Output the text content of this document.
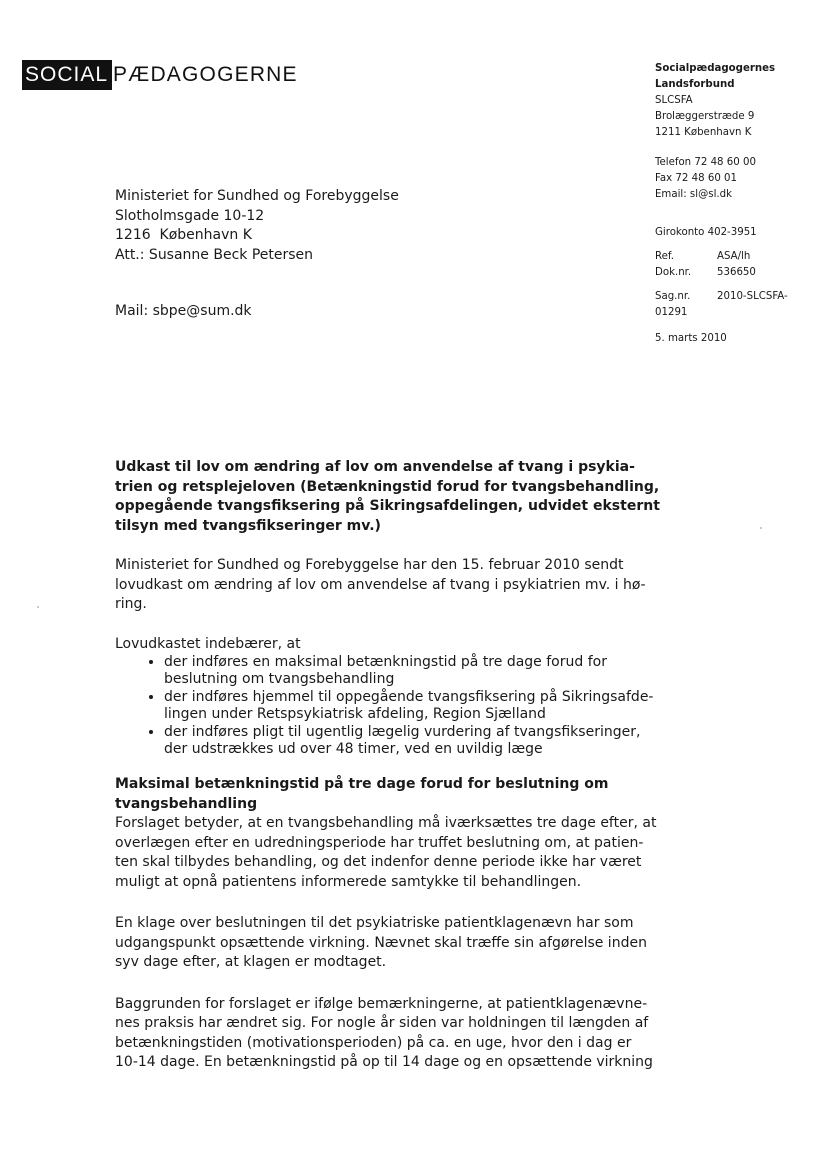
SOCIAL PÆDAGOGERNE	Socialpædagogernes
Landsforbund
SLCSFA
Brolæggerstræde 9
1211 København K
Telefon 72 48 60 00
Fax 72 48 60 01
Email: sl@sl.dk
Girokonto 402-3951
Ref.	ASA/lh
Dok.nr.	536650
Sag.nr.	2010-SLCSFA-
01291
5. marts 2010
Ministeriet for Sundhed og Forebyggelse
Slotholmsgade 10-12
1216  København K
Att.: Susanne Beck Petersen
Mail: sbpe@sum.dk
Udkast til lov om ændring af lov om anvendelse af tvang i psykia-
trien og retsplejeloven (Betænkningstid forud for tvangsbehandling,
oppegående tvangsfiksering på Sikringsafdelingen, udvidet eksternt
tilsyn med tvangsfikseringer mv.)

Ministeriet for Sundhed og Forebyggelse har den 15. februar 2010 sendt
lovudkast om ændring af lov om anvendelse af tvang i psykiatrien mv. i hø-
ring.

Lovudkastet indebærer, at

• der indføres en maksimal betænkningstid på tre dage forud for
beslutning om tvangsbehandling
• der indføres hjemmel til oppegående tvangsfiksering på Sikringsafde-
lingen under Retspsykiatrisk afdeling, Region Sjælland
• der indføres pligt til ugentlig lægelig vurdering af tvangsfikseringer,
der udstrækkes ud over 48 timer, ved en uvildig læge
Maksimal betænkningstid på tre dage forud for beslutning om
tvangsbehandling

Forslaget betyder, at en tvangsbehandling må iværksættes tre dage efter, at
overlægen efter en udredningsperiode har truffet beslutning om, at patien-
ten skal tilbydes behandling, og det indenfor denne periode ikke har været
muligt at opnå patientens informerede samtykke til behandlingen.

En klage over beslutningen til det psykiatriske patientklagenævn har som
udgangspunkt opsættende virkning. Nævnet skal træffe sin afgørelse inden
syv dage efter, at klagen er modtaget.

Baggrunden for forslaget er ifølge bemærkningerne, at patientklagenævne-
nes praksis har ændret sig. For nogle år siden var holdningen til længden af
betænkningstiden (motivationsperioden) på ca. en uge, hvor den i dag er
10-14 dage. En betænkningstid på op til 14 dage og en opsættende virkning
